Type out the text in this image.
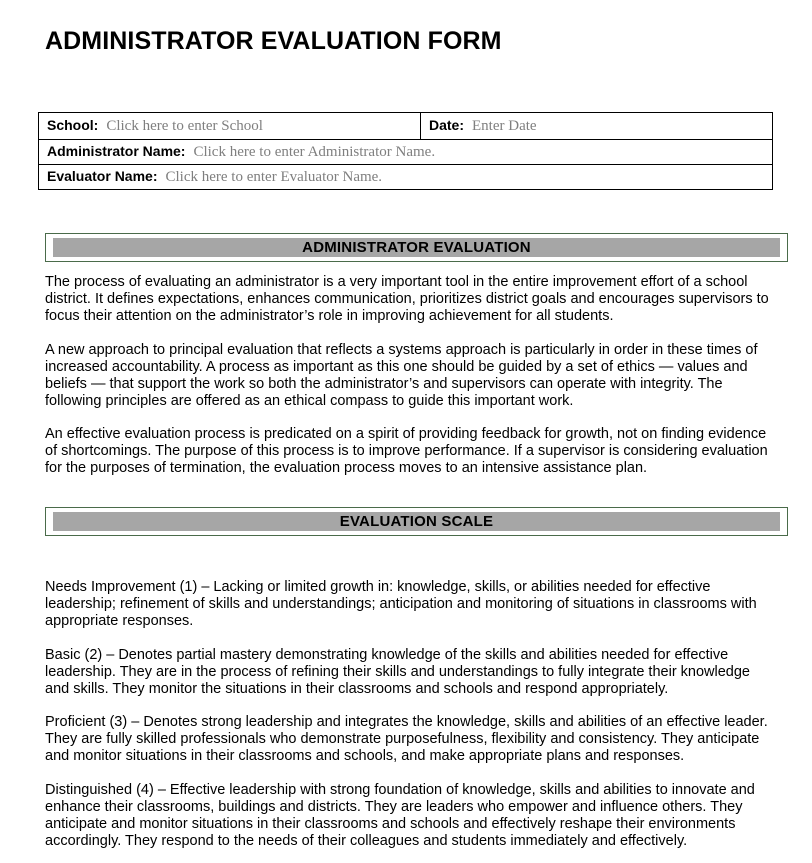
ADMINISTRATOR EVALUATION FORM
School: Click here to enter School	Date: Enter Date
Administrator Name: Click here to enter Administrator Name.
Evaluator Name: Click here to enter Evaluator Name.
ADMINISTRATOR EVALUATION

The process of evaluating an administrator is a very important tool in the entire improvement effort of a school district. It defines expectations, enhances communication, prioritizes district goals and encourages supervisors to focus their attention on the administrator’s role in improving achievement for all students.

A new approach to principal evaluation that reflects a systems approach is particularly in order in these times of increased accountability. A process as important as this one should be guided by a set of ethics — values and beliefs — that support the work so both the administrator’s and supervisors can operate with integrity. The following principles are offered as an ethical compass to guide this important work.

An effective evaluation process is predicated on a spirit of providing feedback for growth, not on finding evidence of shortcomings. The purpose of this process is to improve performance. If a supervisor is considering evaluation for the purposes of termination, the evaluation process moves to an intensive assistance plan.

EVALUATION SCALE

Needs Improvement (1) – Lacking or limited growth in: knowledge, skills, or abilities needed for effective leadership; refinement of skills and understandings; anticipation and monitoring of situations in classrooms with appropriate responses.

Basic (2) – Denotes partial mastery demonstrating knowledge of the skills and abilities needed for effective leadership. They are in the process of refining their skills and understandings to fully integrate their knowledge and skills. They monitor the situations in their classrooms and schools and respond appropriately.

Proficient (3) – Denotes strong leadership and integrates the knowledge, skills and abilities of an effective leader. They are fully skilled professionals who demonstrate purposefulness, flexibility and consistency. They anticipate and monitor situations in their classrooms and schools, and make appropriate plans and responses.

Distinguished (4) – Effective leadership with strong foundation of knowledge, skills and abilities to innovate and enhance their classrooms, buildings and districts. They are leaders who empower and influence others. They anticipate and monitor situations in their classrooms and schools and effectively reshape their environments accordingly. They respond to the needs of their colleagues and students immediately and effectively.
